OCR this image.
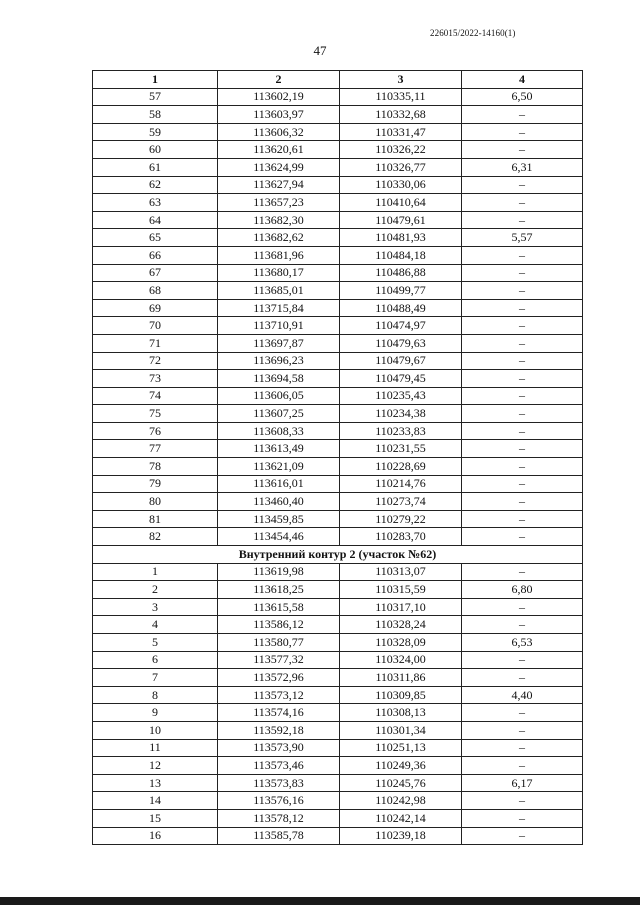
226015/2022-14160(1)
47
1	2	3	4
57	113602,19	110335,11	6,50
58	113603,97	110332,68	–
59	113606,32	110331,47	–
60	113620,61	110326,22	–
61	113624,99	110326,77	6,31
62	113627,94	110330,06	–
63	113657,23	110410,64	–
64	113682,30	110479,61	–
65	113682,62	110481,93	5,57
66	113681,96	110484,18	–
67	113680,17	110486,88	–
68	113685,01	110499,77	–
69	113715,84	110488,49	–
70	113710,91	110474,97	–
71	113697,87	110479,63	–
72	113696,23	110479,67	–
73	113694,58	110479,45	–
74	113606,05	110235,43	–
75	113607,25	110234,38	–
76	113608,33	110233,83	–
77	113613,49	110231,55	–
78	113621,09	110228,69	–
79	113616,01	110214,76	–
80	113460,40	110273,74	–
81	113459,85	110279,22	–
82	113454,46	110283,70	–
Внутренний контур 2 (участок №62)			
1	113619,98	110313,07	–
2	113618,25	110315,59	6,80
3	113615,58	110317,10	–
4	113586,12	110328,24	–
5	113580,77	110328,09	6,53
6	113577,32	110324,00	–
7	113572,96	110311,86	–
8	113573,12	110309,85	4,40
9	113574,16	110308,13	–
10	113592,18	110301,34	–
11	113573,90	110251,13	–
12	113573,46	110249,36	–
13	113573,83	110245,76	6,17
14	113576,16	110242,98	–
15	113578,12	110242,14	–
16	113585,78	110239,18	–
